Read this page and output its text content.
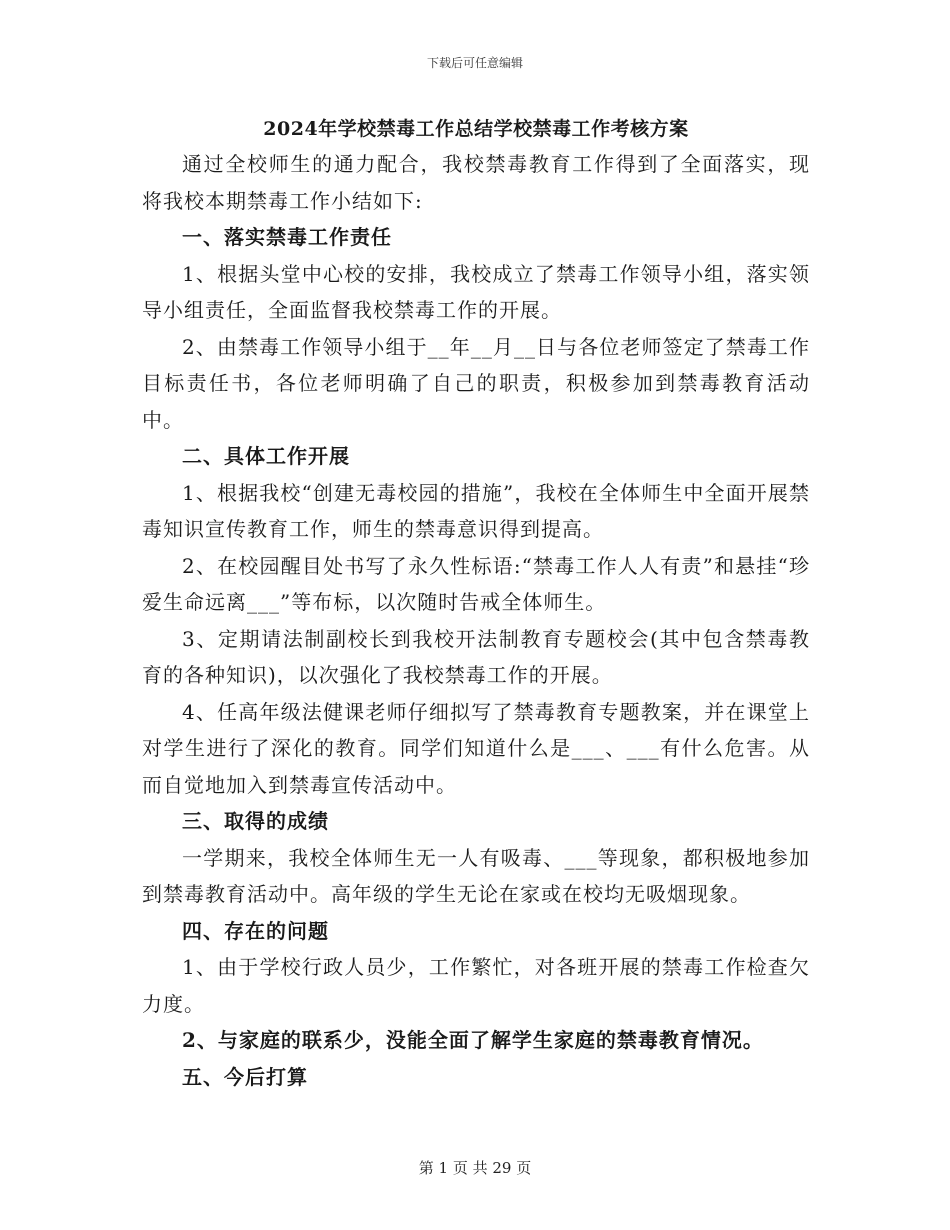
下载后可任意编辑
2024年学校禁毒工作总结学校禁毒工作考核方案

通过全校师生的通力配合，我校禁毒教育工作得到了全面落实，现将我校本期禁毒工作小结如下:

一、落实禁毒工作责任

1、根据头堂中心校的安排，我校成立了禁毒工作领导小组，落实领导小组责任，全面监督我校禁毒工作的开展。

2、由禁毒工作领导小组于__年__月__日与各位老师签定了禁毒工作目标责任书，各位老师明确了自己的职责，积极参加到禁毒教育活动中。

二、具体工作开展

1、根据我校“创建无毒校园的措施”，我校在全体师生中全面开展禁毒知识宣传教育工作，师生的禁毒意识得到提高。

2、在校园醒目处书写了永久性标语:“禁毒工作人人有责”和悬挂“珍爱生命远离___”等布标，以次随时告戒全体师生。

3、定期请法制副校长到我校开法制教育专题校会(其中包含禁毒教育的各种知识)，以次强化了我校禁毒工作的开展。

4、任高年级法健课老师仔细拟写了禁毒教育专题教案，并在课堂上对学生进行了深化的教育。同学们知道什么是___、___有什么危害。从而自觉地加入到禁毒宣传活动中。

三、取得的成绩

一学期来，我校全体师生无一人有吸毒、___等现象，都积极地参加到禁毒教育活动中。高年级的学生无论在家或在校均无吸烟现象。

四、存在的问题

1、由于学校行政人员少，工作繁忙，对各班开展的禁毒工作检查欠力度。

2、与家庭的联系少，没能全面了解学生家庭的禁毒教育情况。

五、今后打算

第 1 页 共 29 页
